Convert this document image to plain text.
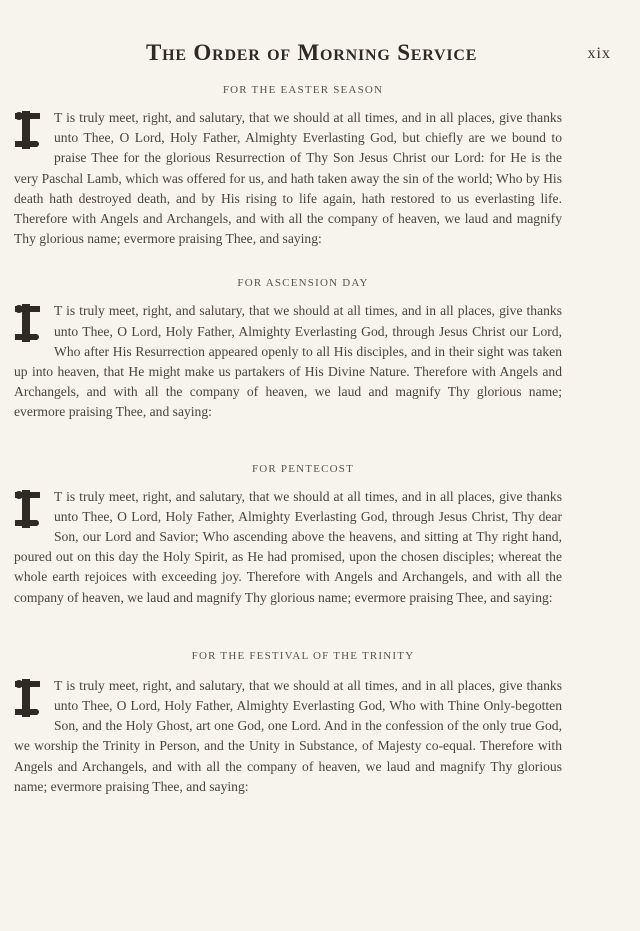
The Order of Morning Service	xix
FOR THE EASTER SEASON

T is truly meet, right, and salutary, that we should at all times, and in all places, give thanks unto Thee, O Lord, Holy Father, Almighty Everlasting God, but chiefly are we bound to praise Thee for the glorious Resurrection of Thy Son Jesus Christ our Lord: for He is the very Paschal Lamb, which was offered for us, and hath taken away the sin of the world; Who by His death hath destroyed death, and by His rising to life again, hath restored to us everlasting life. Therefore with Angels and Archangels, and with all the company of heaven, we laud and magnify Thy glorious name; evermore praising Thee, and saying:

FOR ASCENSION DAY

T is truly meet, right, and salutary, that we should at all times, and in all places, give thanks unto Thee, O Lord, Holy Father, Almighty Everlasting God, through Jesus Christ our Lord, Who after His Resurrection appeared openly to all His disciples, and in their sight was taken up into heaven, that He might make us partakers of His Divine Nature. Therefore with Angels and Archangels, and with all the company of heaven, we laud and magnify Thy glorious name; evermore praising Thee, and saying:

FOR PENTECOST

T is truly meet, right, and salutary, that we should at all times, and in all places, give thanks unto Thee, O Lord, Holy Father, Almighty Everlasting God, through Jesus Christ, Thy dear Son, our Lord and Savior; Who ascending above the heavens, and sitting at Thy right hand, poured out on this day the Holy Spirit, as He had promised, upon the chosen disciples; whereat the whole earth rejoices with exceeding joy. Therefore with Angels and Archangels, and with all the company of heaven, we laud and magnify Thy glorious name; evermore praising Thee, and saying:

FOR THE FESTIVAL OF THE TRINITY

T is truly meet, right, and salutary, that we should at all times, and in all places, give thanks unto Thee, O Lord, Holy Father, Almighty Everlasting God, Who with Thine Only-begotten Son, and the Holy Ghost, art one God, one Lord. And in the confession of the only true God, we worship the Trinity in Person, and the Unity in Substance, of Majesty co-equal. Therefore with Angels and Archangels, and with all the company of heaven, we laud and magnify Thy glorious name; evermore praising Thee, and saying:
